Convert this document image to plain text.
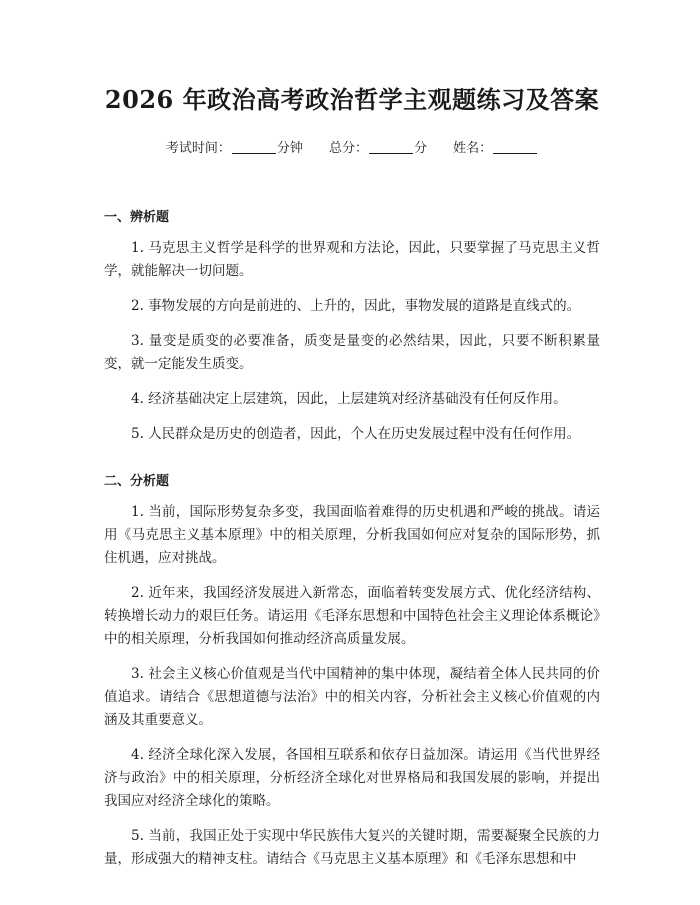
2026 年政治高考政治哲学主观题练习及答案
考试时间：	分钟 总分：	分 姓名：
一、辨析题

1. 马克思主义哲学是科学的世界观和方法论，因此，只要掌握了马克思主义哲学，就能解决一切问题。

2. 事物发展的方向是前进的、上升的，因此，事物发展的道路是直线式的。

3. 量变是质变的必要准备，质变是量变的必然结果，因此，只要不断积累量变，就一定能发生质变。

4. 经济基础决定上层建筑，因此，上层建筑对经济基础没有任何反作用。

5. 人民群众是历史的创造者，因此，个人在历史发展过程中没有任何作用。

二、分析题

1. 当前，国际形势复杂多变，我国面临着难得的历史机遇和严峻的挑战。请运用《马克思主义基本原理》中的相关原理，分析我国如何应对复杂的国际形势，抓住机遇，应对挑战。

2. 近年来，我国经济发展进入新常态，面临着转变发展方式、优化经济结构、转换增长动力的艰巨任务。请运用《毛泽东思想和中国特色社会主义理论体系概论》中的相关原理，分析我国如何推动经济高质量发展。

3. 社会主义核心价值观是当代中国精神的集中体现，凝结着全体人民共同的价值追求。请结合《思想道德与法治》中的相关内容，分析社会主义核心价值观的内涵及其重要意义。

4. 经济全球化深入发展，各国相互联系和依存日益加深。请运用《当代世界经济与政治》中的相关原理，分析经济全球化对世界格局和我国发展的影响，并提出我国应对经济全球化的策略。

5. 当前，我国正处于实现中华民族伟大复兴的关键时期，需要凝聚全民族的力量，形成强大的精神支柱。请结合《马克思主义基本原理》和《毛泽东思想和中
